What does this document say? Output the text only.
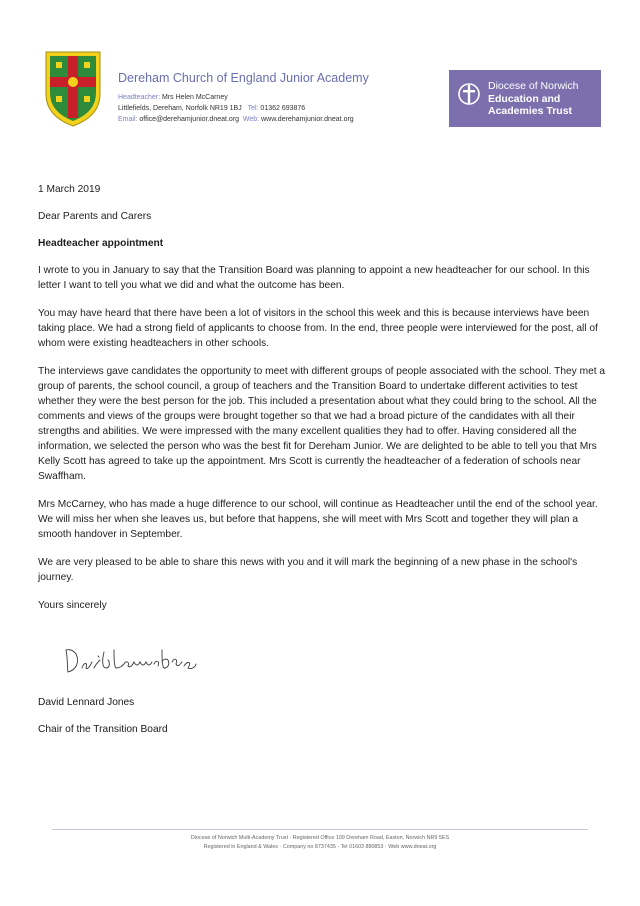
Dereham Church of England Junior Academy

Headteacher: Mrs Helen McCarney
Littlefields, Dereham, Norfolk NR19 1BJ Tel: 01362 693876
Email: office@derehamjunior.dneat.org Web: www.derehamjunior.dneat.org
Diocese of Norwich
Education and
Academies Trust

1 March 2019

Dear Parents and Carers

Headteacher appointment

I wrote to you in January to say that the Transition Board was planning to appoint a new headteacher for our school. In this letter I want to tell you what we did and what the outcome has been.

You may have heard that there have been a lot of visitors in the school this week and this is because interviews have been taking place. We had a strong field of applicants to choose from. In the end, three people were interviewed for the post, all of whom were existing headteachers in other schools.

The interviews gave candidates the opportunity to meet with different groups of people associated with the school. They met a group of parents, the school council, a group of teachers and the Transition Board to undertake different activities to test whether they were the best person for the job. This included a presentation about what they could bring to the school. All the comments and views of the groups were brought together so that we had a broad picture of the candidates with all their strengths and abilities. We were impressed with the many excellent qualities they had to offer. Having considered all the information, we selected the person who was the best fit for Dereham Junior. We are delighted to be able to tell you that Mrs Kelly Scott has agreed to take up the appointment. Mrs Scott is currently the headteacher of a federation of schools near Swaffham.

Mrs McCarney, who has made a huge difference to our school, will continue as Headteacher until the end of the school year. We will miss her when she leaves us, but before that happens, she will meet with Mrs Scott and together they will plan a smooth handover in September.

We are very pleased to be able to share this news with you and it will mark the beginning of a new phase in the school's journey.

Yours sincerely

David Lennard Jones
Chair of the Transition Board
Diocese of Norwich Multi-Academy Trust · Registered Office 109 Dereham Road, Easton, Norwich NR9 5ES
Registered in England & Wales · Company no 8737435 · Tel 01603 880853 · Web www.dneat.org
